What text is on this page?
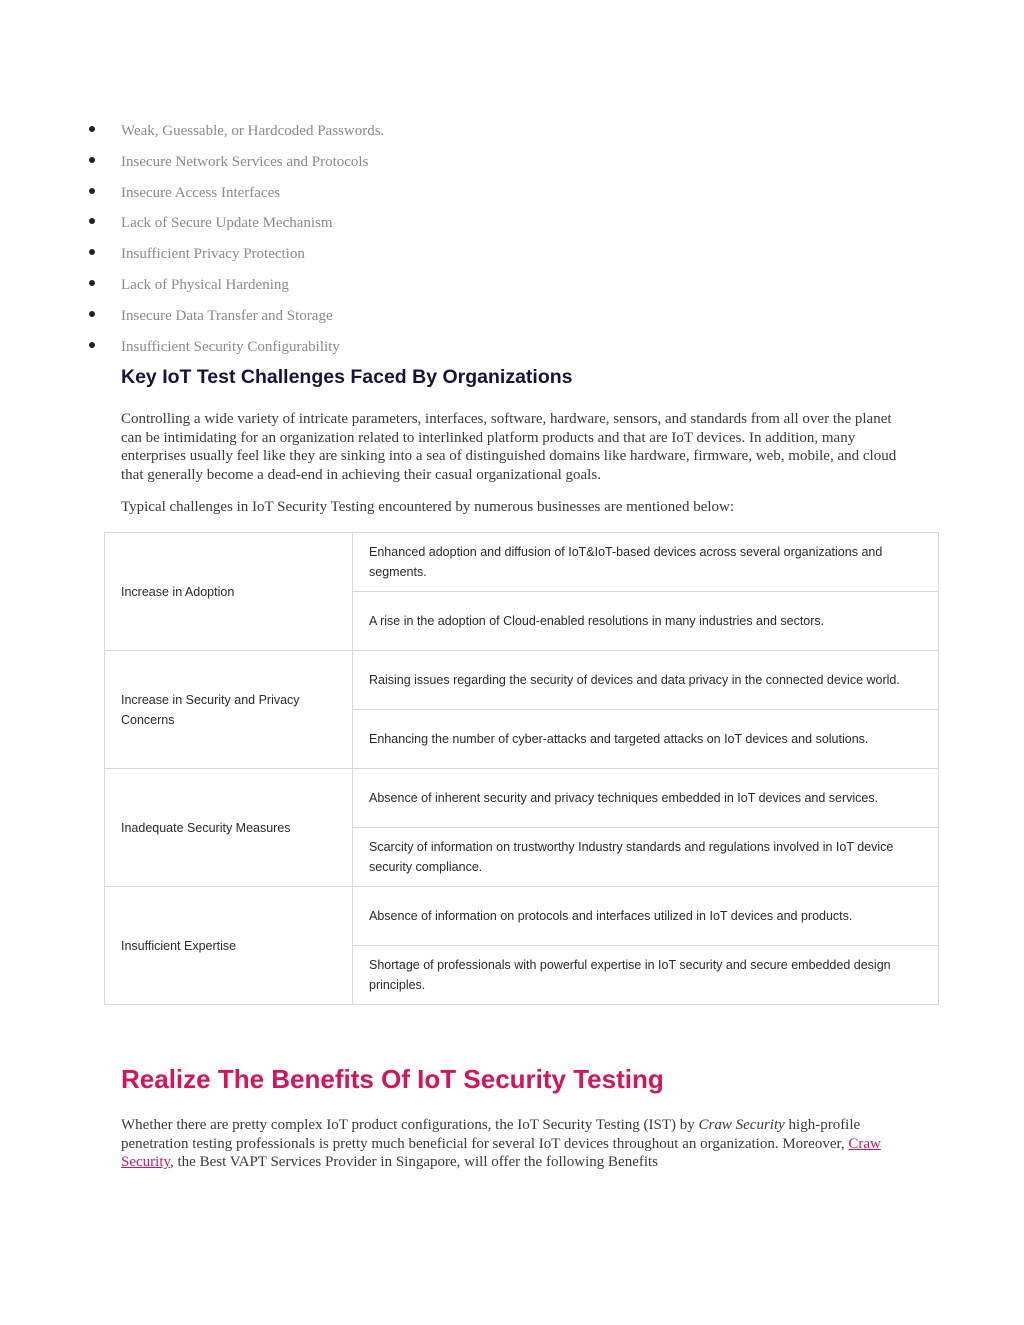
Weak, Guessable, or Hardcoded Passwords.
Insecure Network Services and Protocols
Insecure Access Interfaces
Lack of Secure Update Mechanism
Insufficient Privacy Protection
Lack of Physical Hardening
Insecure Data Transfer and Storage
Insufficient Security Configurability
Key IoT Test Challenges Faced By Organizations

Controlling a wide variety of intricate parameters, interfaces, software, hardware, sensors, and standards from all over the planet can be intimidating for an organization related to interlinked platform products and that are IoT devices. In addition, many enterprises usually feel like they are sinking into a sea of distinguished domains like hardware, firmware, web, mobile, and cloud that generally become a dead-end in achieving their casual organizational goals.

Typical challenges in IoT Security Testing encountered by numerous businesses are mentioned below:

Increase in Adoption	Enhanced adoption and diffusion of IoT&IoT-based devices across several organizations and segments.
	A rise in the adoption of Cloud-enabled resolutions in many industries and sectors.
Increase in Security and Privacy Concerns	Raising issues regarding the security of devices and data privacy in the connected device world.
	Enhancing the number of cyber-attacks and targeted attacks on IoT devices and solutions.
Inadequate Security Measures	Absence of inherent security and privacy techniques embedded in IoT devices and services.
	Scarcity of information on trustworthy Industry standards and regulations involved in IoT device security compliance.
Insufficient Expertise	Absence of information on protocols and interfaces utilized in IoT devices and products.
	Shortage of professionals with powerful expertise in IoT security and secure embedded design principles.
Realize The Benefits Of IoT Security Testing

Whether there are pretty complex IoT product configurations, the IoT Security Testing (IST) by Craw Security high-profile penetration testing professionals is pretty much beneficial for several IoT devices throughout an organization. Moreover, Craw Security, the Best VAPT Services Provider in Singapore, will offer the following Benefits
